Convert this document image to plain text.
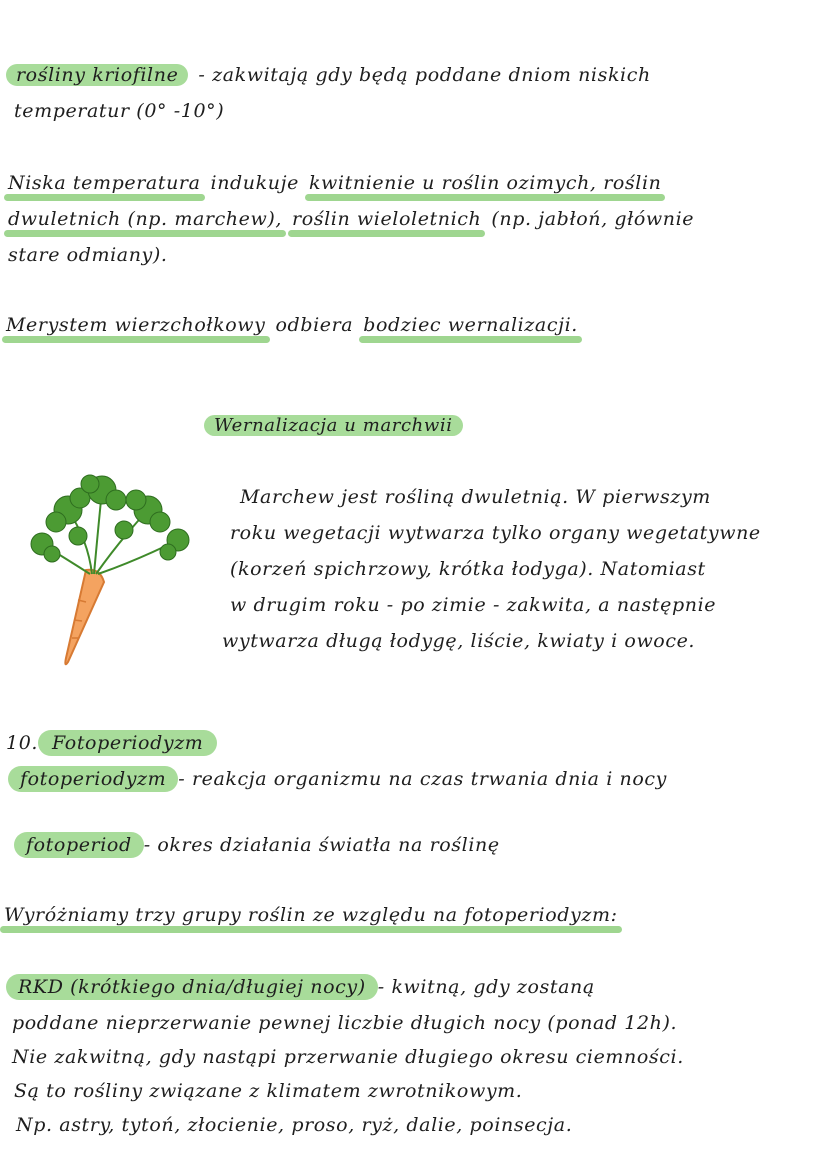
rośliny kriofilne - zakwitają gdy będą poddane dniom niskich
temperatur (0° -10°)
Niska temperatura indukuje kwitnienie u roślin ozimych, roślin
dwuletnich (np. marchew), roślin wieloletnich (np. jabłoń, głównie
stare odmiany).
Merystem wierzchołkowy odbiera bodziec wernalizacji.
Wernalizacja u marchwii
Marchew jest rośliną dwuletnią. W pierwszym
roku wegetacji wytwarza tylko organy wegetatywne
(korzeń spichrzowy, krótka łodyga). Natomiast
w drugim roku - po zimie - zakwita, a następnie
wytwarza długą łodygę, liście, kwiaty i owoce.
10. Fotoperiodyzm
fotoperiodyzm - reakcja organizmu na czas trwania dnia i nocy
fotoperiod - okres działania światła na roślinę
Wyróżniamy trzy grupy roślin ze względu na fotoperiodyzm:
RKD (krótkiego dnia/długiej nocy) - kwitną, gdy zostaną
poddane nieprzerwanie pewnej liczbie długich nocy (ponad 12h).
Nie zakwitną, gdy nastąpi przerwanie długiego okresu ciemności.
Są to rośliny związane z klimatem zwrotnikowym.
Np. astry, tytoń, złocienie, proso, ryż, dalie, poinsecja.
